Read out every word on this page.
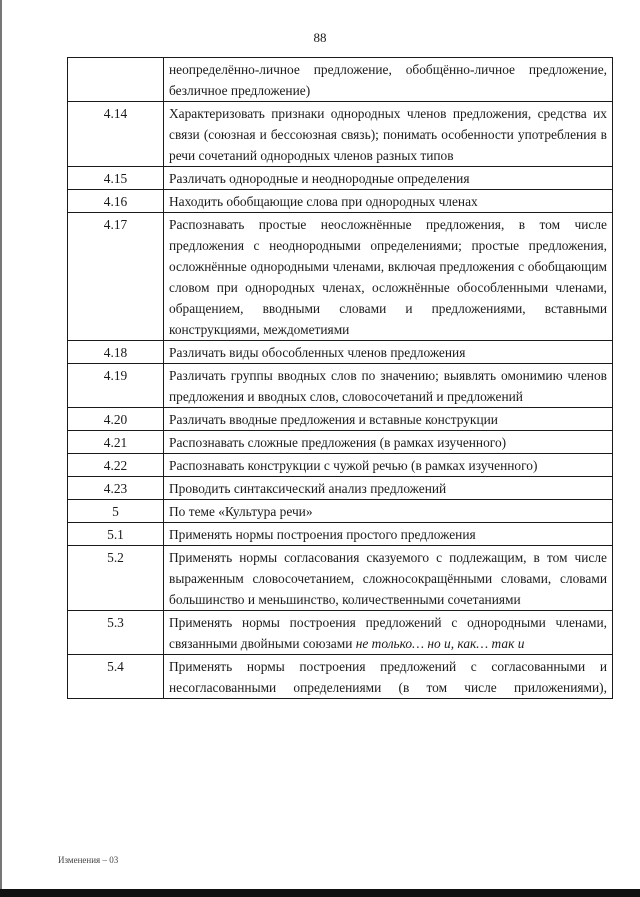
88
	неопределённо-личное предложение, обобщённо-личное предложение, безличное предложение)
4.14	Характеризовать признаки однородных членов предложения, средства их связи (союзная и бессоюзная связь); понимать особенности употребления в речи сочетаний однородных членов разных типов
4.15	Различать однородные и неоднородные определения
4.16	Находить обобщающие слова при однородных членах
4.17	Распознавать простые неосложнённые предложения, в том числе предложения с неоднородными определениями; простые предложения, осложнённые однородными членами, включая предложения с обобщающим словом при однородных членах, осложнённые обособленными членами, обращением, вводными словами и предложениями, вставными конструкциями, междометиями
4.18	Различать виды обособленных членов предложения
4.19	Различать группы вводных слов по значению; выявлять омонимию членов предложения и вводных слов, словосочетаний и предложений
4.20	Различать вводные предложения и вставные конструкции
4.21	Распознавать сложные предложения (в рамках изученного)
4.22	Распознавать конструкции с чужой речью (в рамках изученного)
4.23	Проводить синтаксический анализ предложений
5	По теме «Культура речи»
5.1	Применять нормы построения простого предложения
5.2	Применять нормы согласования сказуемого с подлежащим, в том числе выраженным словосочетанием, сложносокращёнными словами, словами большинство и меньшинство, количественными сочетаниями
5.3	Применять нормы построения предложений с однородными членами, связанными двойными союзами не только… но и, как… так и
5.4	Применять нормы построения предложений с согласованными и несогласованными определениями (в том числе приложениями),
Изменения – 03
